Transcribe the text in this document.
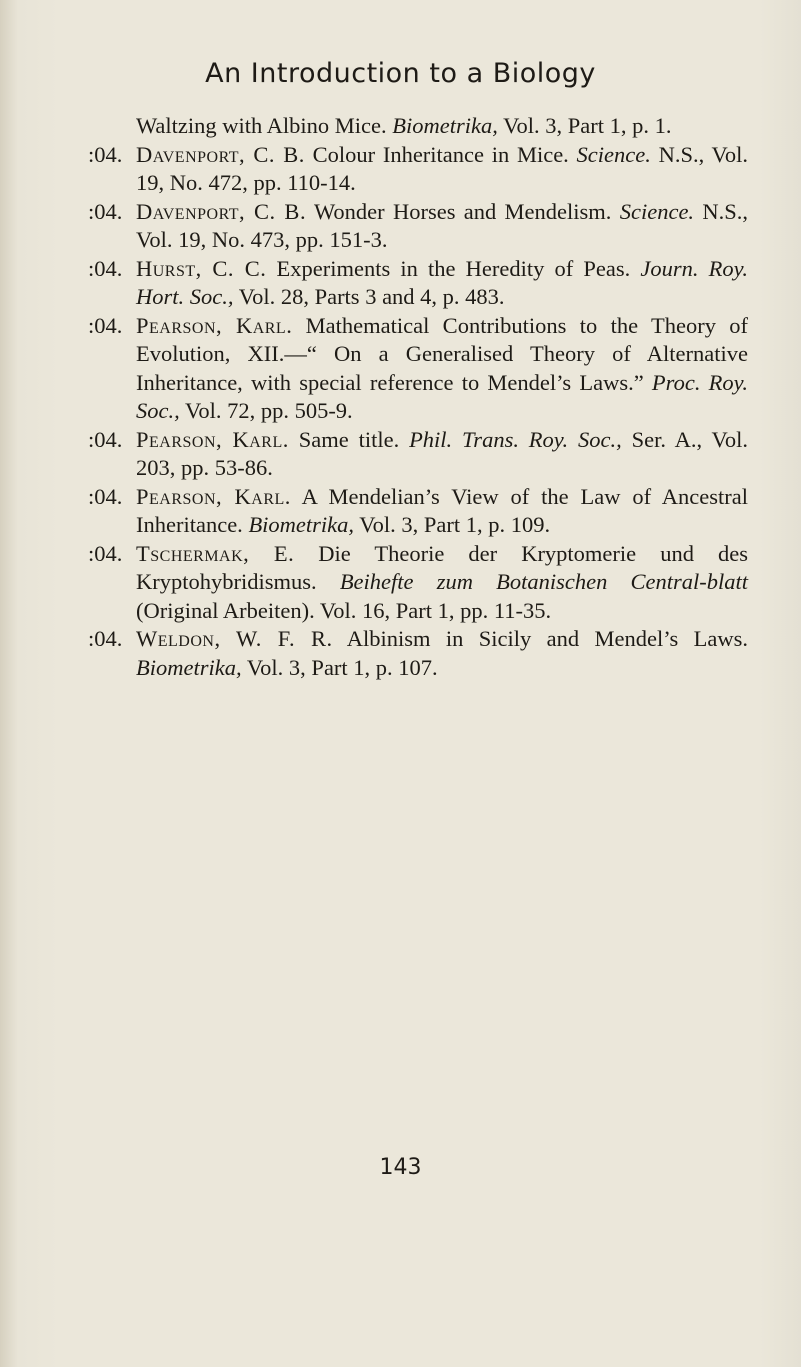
An Introduction to a Biology

Waltzing with Albino Mice. Biometrika, Vol. 3, Part 1, p. 1.

:04. Davenport, C. B. Colour Inheritance in Mice. Science. N.S., Vol. 19, No. 472, pp. 110-14.

:04. Davenport, C. B. Wonder Horses and Mendelism. Science. N.S., Vol. 19, No. 473, pp. 151-3.

:04. Hurst, C. C. Experiments in the Heredity of Peas. Journ. Roy. Hort. Soc., Vol. 28, Parts 3 and 4, p. 483.

:04. Pearson, Karl. Mathematical Contributions to the Theory of Evolution, XII.—“ On a Generalised Theory of Alternative Inheritance, with special reference to Mendel’s Laws.” Proc. Roy. Soc., Vol. 72, pp. 505-9.

:04. Pearson, Karl. Same title. Phil. Trans. Roy. Soc., Ser. A., Vol. 203, pp. 53-86.

:04. Pearson, Karl. A Mendelian’s View of the Law of Ancestral Inheritance. Biometrika, Vol. 3, Part 1, p. 109.

:04. Tschermak, E. Die Theorie der Kryptomerie und des Kryptohybridismus. Beihefte zum Botanischen Central-blatt (Original Arbeiten). Vol. 16, Part 1, pp. 11-35.

:04. Weldon, W. F. R. Albinism in Sicily and Mendel’s Laws. Biometrika, Vol. 3, Part 1, p. 107.

143
